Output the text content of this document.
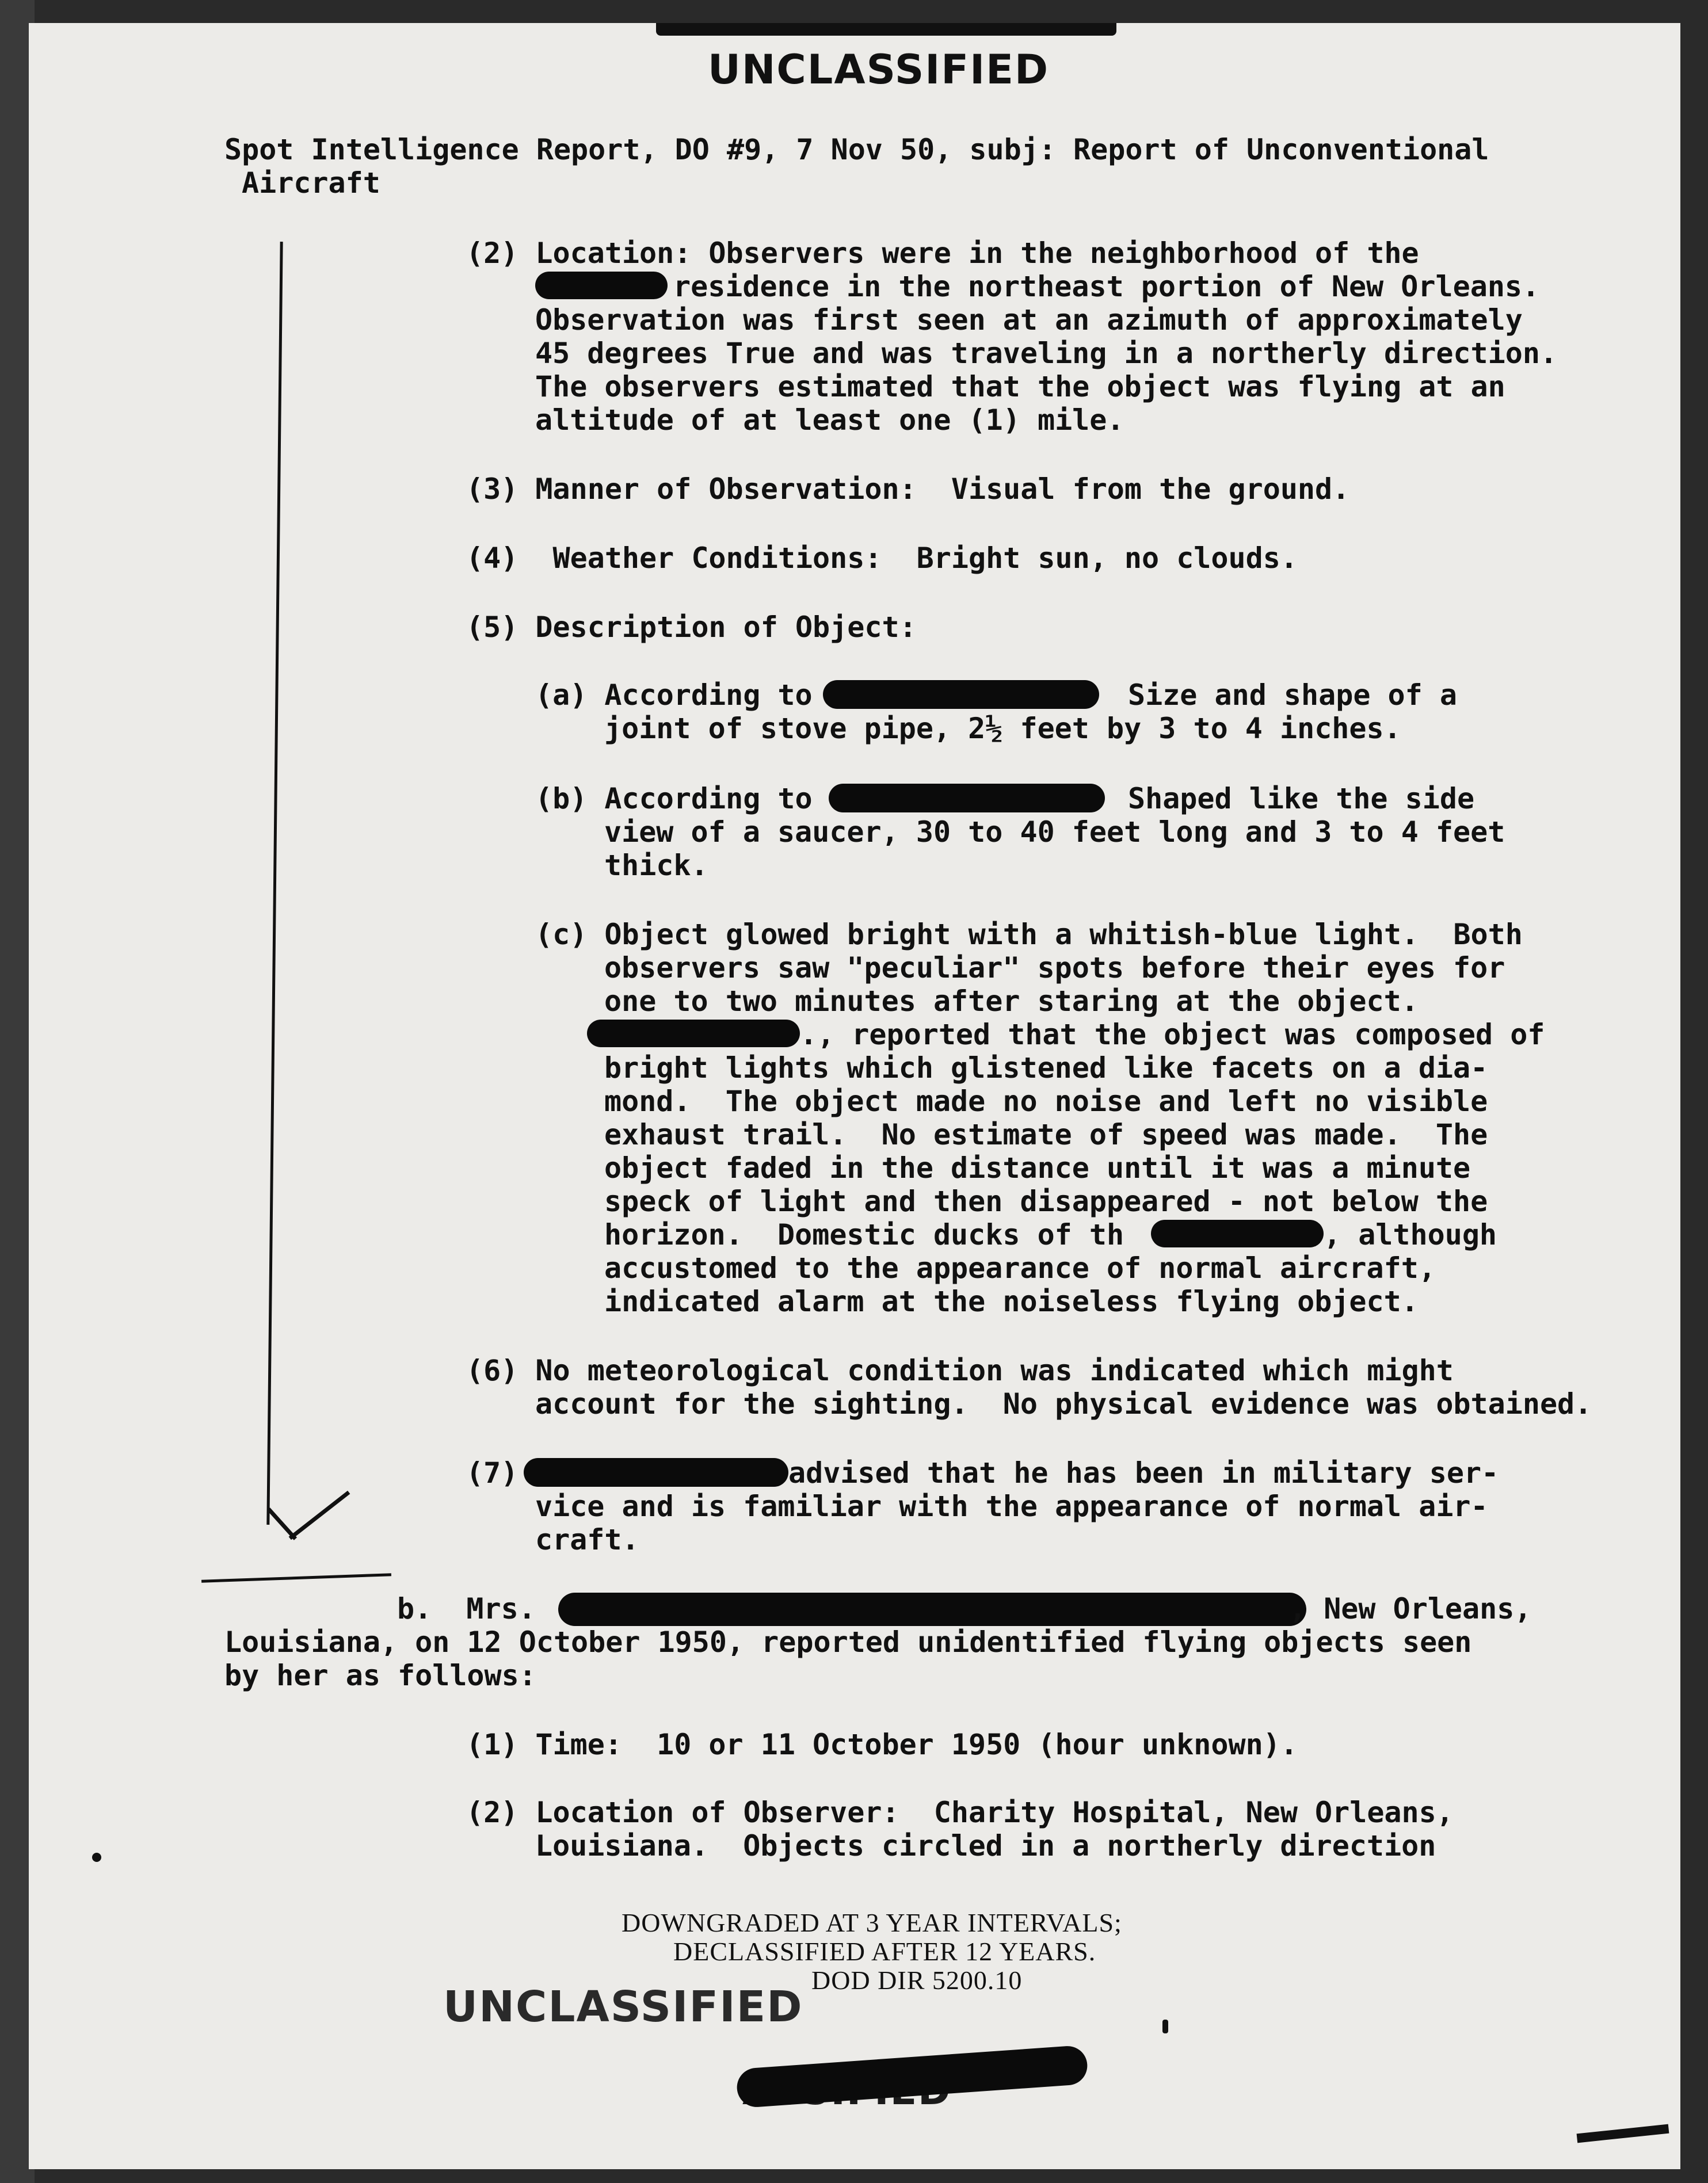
UNCLASSIFIED
Spot Intelligence Report, DO #9, 7 Nov 50, subj: Report of Unconventional
Aircraft
(2) Location: Observers were in the neighborhood of the
residence in the northeast portion of New Orleans.
Observation was first seen at an azimuth of approximately
45 degrees True and was traveling in a northerly direction.
The observers estimated that the object was flying at an
altitude of at least one (1) mile.
(3) Manner of Observation:  Visual from the ground.
(4)  Weather Conditions:  Bright sun, no clouds.
(5) Description of Object:
(a) According to	Size and shape of a
joint of stove pipe, 2½ feet by 3 to 4 inches.
(b) According to	Shaped like the side
view of a saucer, 30 to 40 feet long and 3 to 4 feet
thick.
(c) Object glowed bright with a whitish-blue light.  Both
observers saw "peculiar" spots before their eyes for
one to two minutes after staring at the object.
., reported that the object was composed of
bright lights which glistened like facets on a dia-
mond.  The object made no noise and left no visible
exhaust trail.  No estimate of speed was made.  The
object faded in the distance until it was a minute
speck of light and then disappeared - not below the
horizon.  Domestic ducks of th	, although
accustomed to the appearance of normal aircraft,
indicated alarm at the noiseless flying object.
(6) No meteorological condition was indicated which might
account for the sighting.  No physical evidence was obtained.
(7)	advised that he has been in military ser-
vice and is familiar with the appearance of normal air-
craft.
b.  Mrs.	, New Orleans,
Louisiana, on 12 October 1950, reported unidentified flying objects seen
by her as follows:
(1) Time:  10 or 11 October 1950 (hour unknown).
(2) Location of Observer:  Charity Hospital, New Orleans,
Louisiana.  Objects circled in a northerly direction
DOWNGRADED AT 3 YEAR INTERVALS;
DECLASSIFIED AFTER 12 YEARS.
DOD DIR 5200.10
UNCLASSIFIED
